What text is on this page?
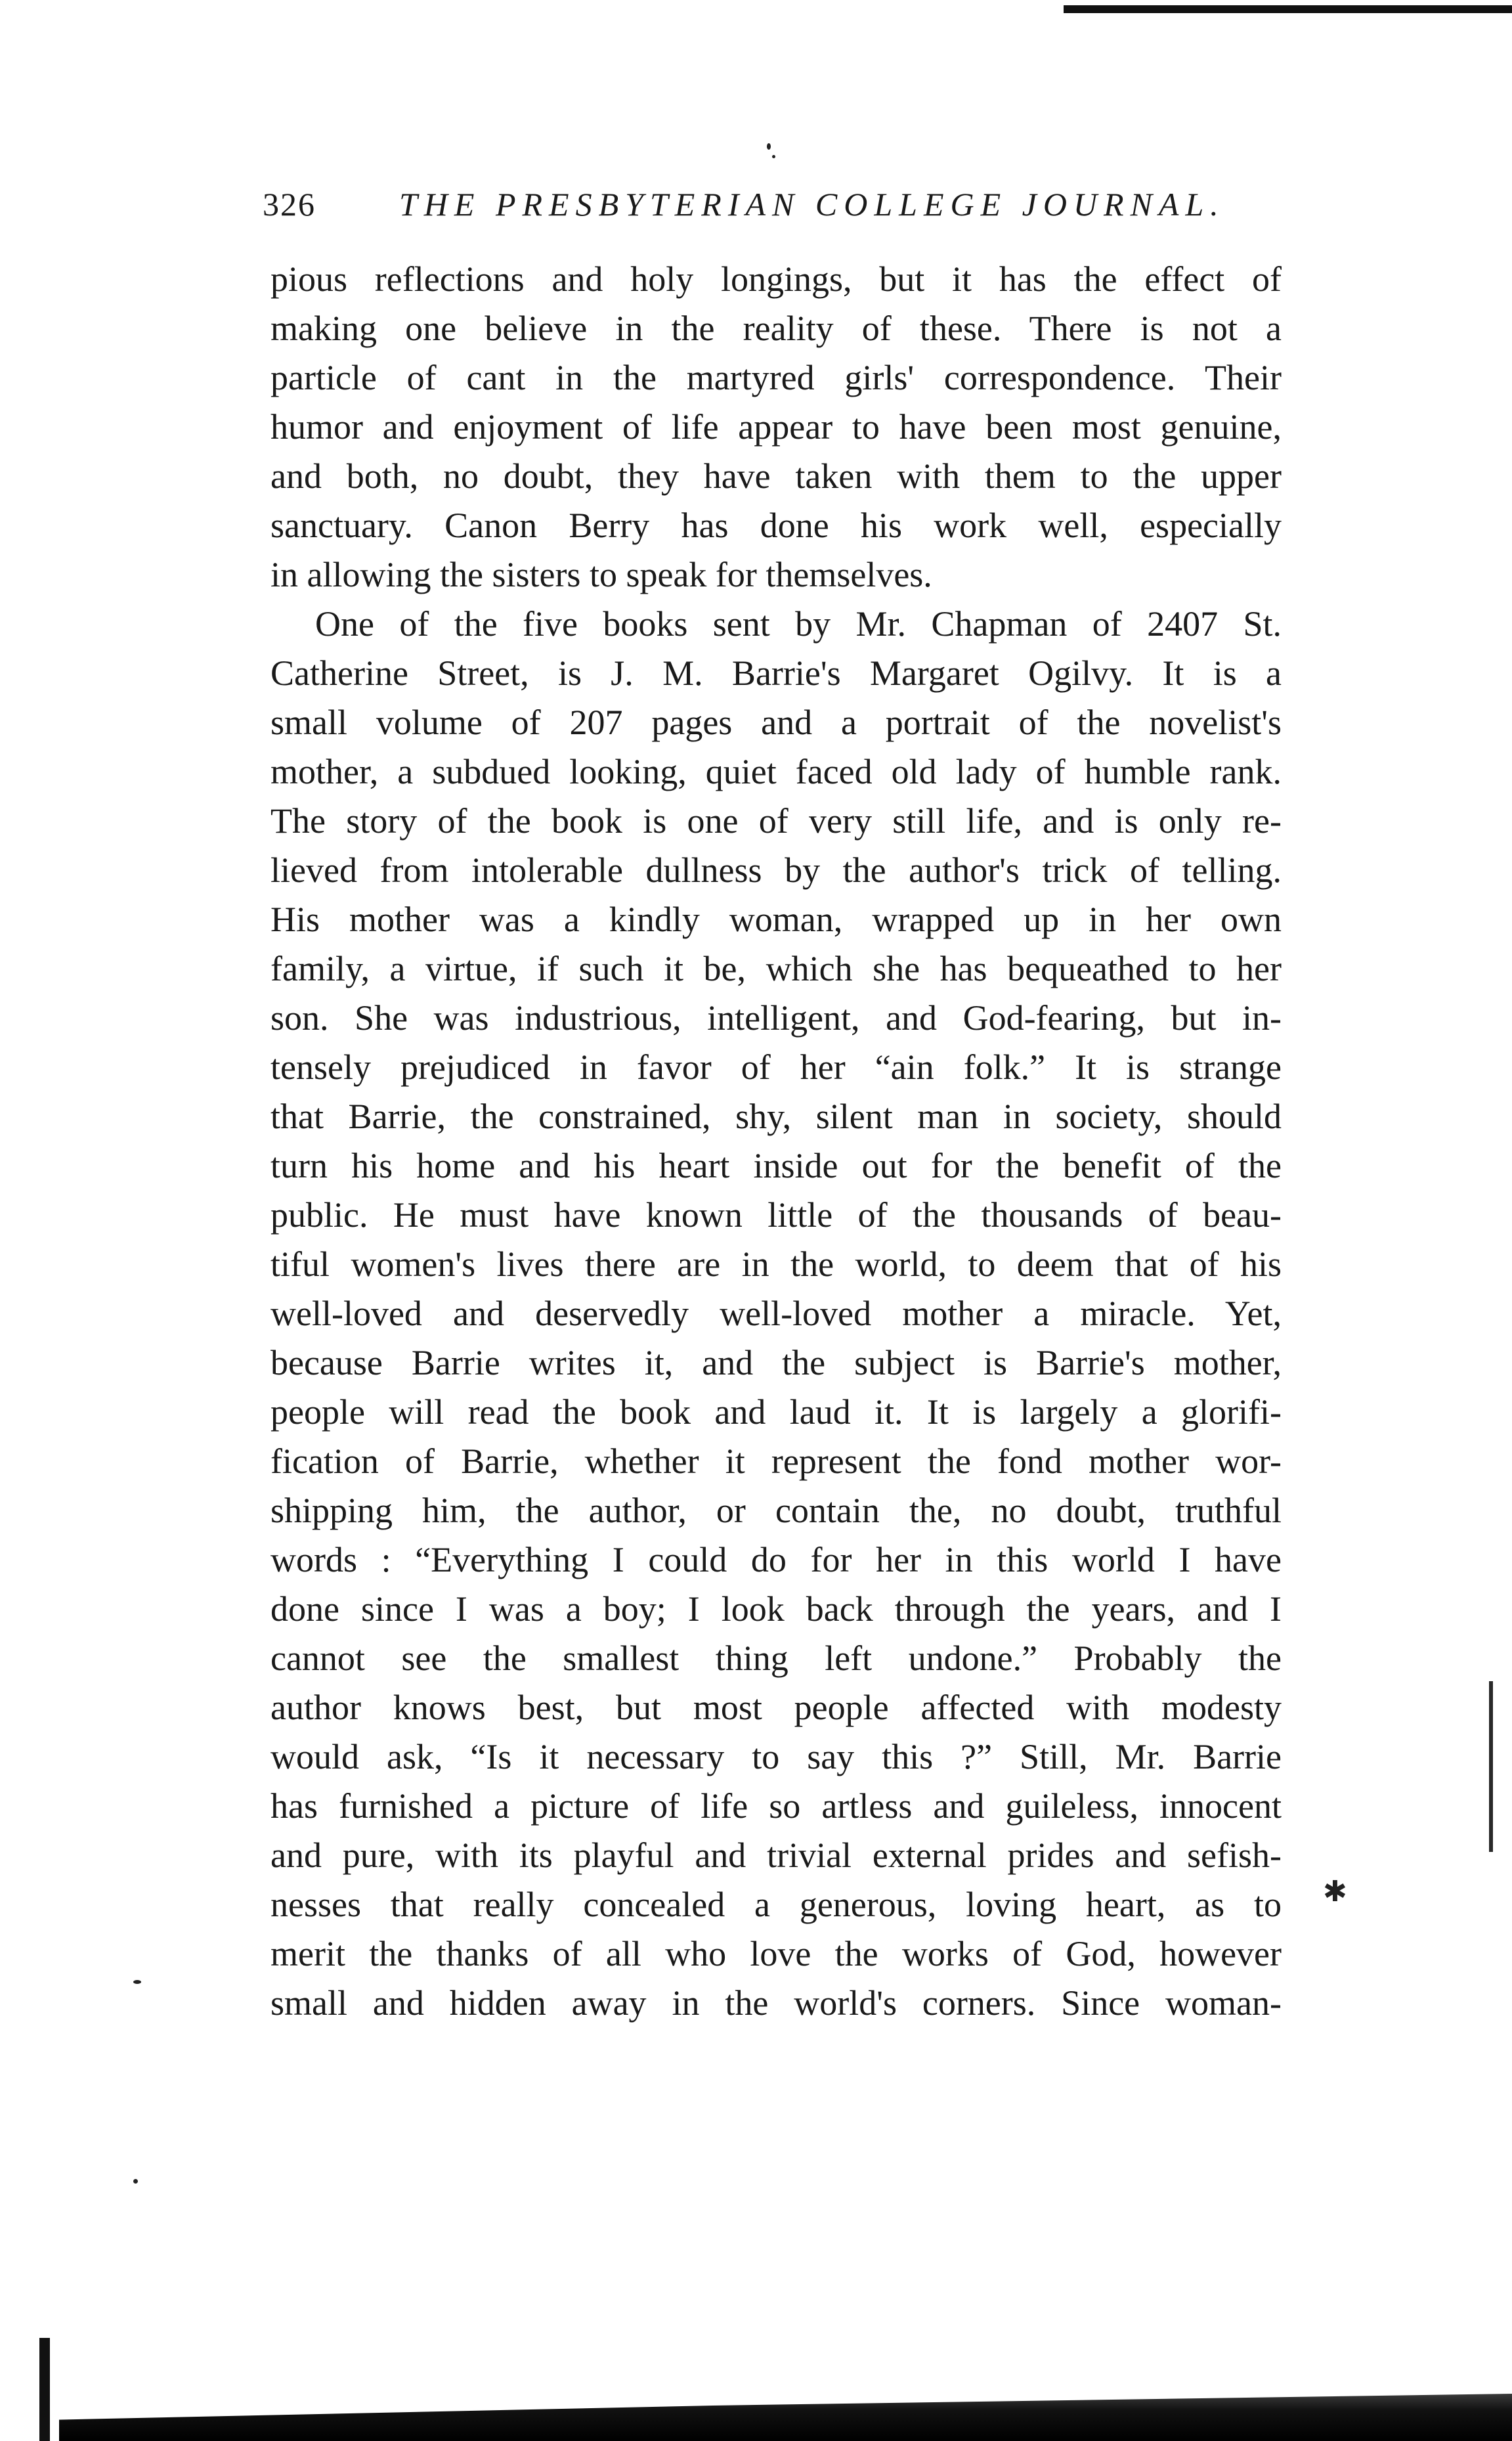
326	THE PRESBYTERIAN COLLEGE JOURNAL.
pious reflections and holy longings, but it has the effect of
making one believe in the reality of these. There is not a
particle of cant in the martyred girls' correspondence. Their
humor and enjoyment of life appear to have been most genuine,
and both, no doubt, they have taken with them to the upper
sanctuary. Canon Berry has done his work well, especially
in allowing the sisters to speak for themselves.
One of the five books sent by Mr. Chapman of 2407 St.
Catherine Street, is J. M. Barrie's Margaret Ogilvy. It is a
small volume of 207 pages and a portrait of the novelist's
mother, a subdued looking, quiet faced old lady of humble rank.
The story of the book is one of very still life, and is only re-
lieved from intolerable dullness by the author's trick of telling.
His mother was a kindly woman, wrapped up in her own
family, a virtue, if such it be, which she has bequeathed to her
son. She was industrious, intelligent, and God-fearing, but in-
tensely prejudiced in favor of her “ain folk.” It is strange
that Barrie, the constrained, shy, silent man in society, should
turn his home and his heart inside out for the benefit of the
public. He must have known little of the thousands of beau-
tiful women's lives there are in the world, to deem that of his
well-loved and deservedly well-loved mother a miracle. Yet,
because Barrie writes it, and the subject is Barrie's mother,
people will read the book and laud it. It is largely a glorifi-
fication of Barrie, whether it represent the fond mother wor-
shipping him, the author, or contain the, no doubt, truthful
words : “Everything I could do for her in this world I have
done since I was a boy; I look back through the years, and I
cannot see the smallest thing left undone.” Probably the
author knows best, but most people affected with modesty
would ask, “Is it necessary to say this ?” Still, Mr. Barrie
has furnished a picture of life so artless and guileless, innocent
and pure, with its playful and trivial external prides and sefish-
nesses that really concealed a generous, loving heart, as to
merit the thanks of all who love the works of God, however
small and hidden away in the world's corners. Since woman-
✱
